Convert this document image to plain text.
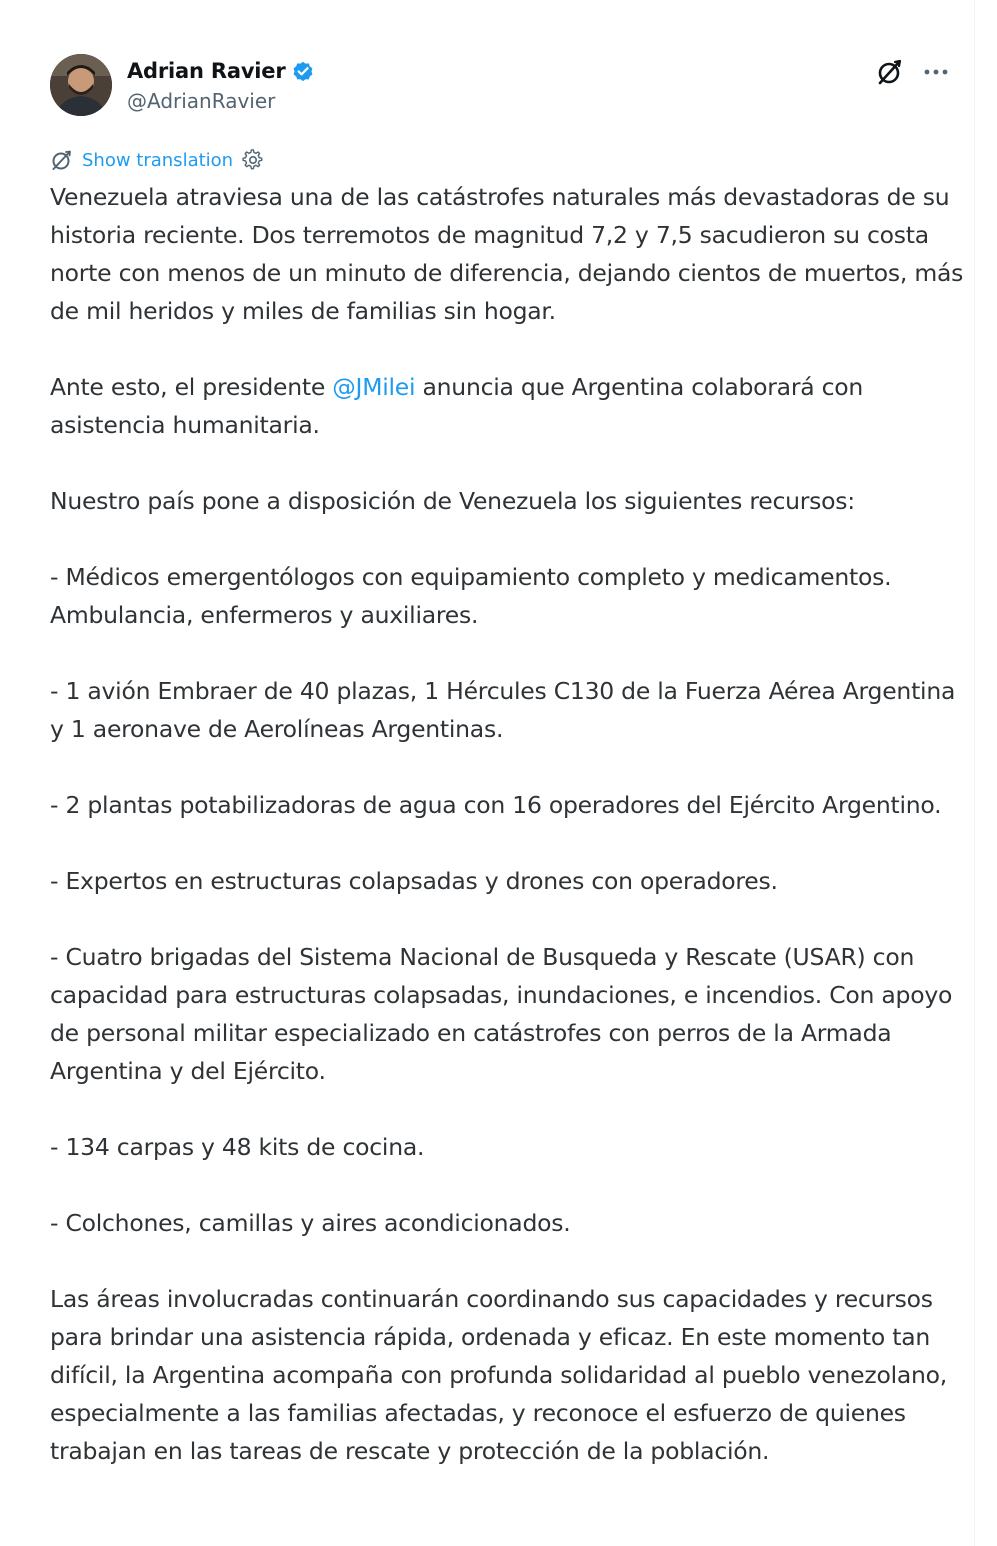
Adrian Ravier
@AdrianRavier
Show translation

Venezuela atraviesa una de las catástrofes naturales más devastadoras de su historia reciente. Dos terremotos de magnitud 7,2 y 7,5 sacudieron su costa norte con menos de un minuto de diferencia, dejando cientos de muertos, más de mil heridos y miles de familias sin hogar.

Ante esto, el presidente @JMilei anuncia que Argentina colaborará con asistencia humanitaria.

Nuestro país pone a disposición de Venezuela los siguientes recursos:

- Médicos emergentólogos con equipamiento completo y medicamentos. Ambulancia, enfermeros y auxiliares.

- 1 avión Embraer de 40 plazas, 1 Hércules C130 de la Fuerza Aérea Argentina y 1 aeronave de Aerolíneas Argentinas.

- 2 plantas potabilizadoras de agua con 16 operadores del Ejército Argentino.

- Expertos en estructuras colapsadas y drones con operadores.

- Cuatro brigadas del Sistema Nacional de Busqueda y Rescate (USAR) con capacidad para estructuras colapsadas, inundaciones, e incendios. Con apoyo de personal militar especializado en catástrofes con perros de la Armada Argentina y del Ejército.

- 134 carpas y 48 kits de cocina.

- Colchones, camillas y aires acondicionados.

Las áreas involucradas continuarán coordinando sus capacidades y recursos para brindar una asistencia rápida, ordenada y eficaz. En este momento tan difícil, la Argentina acompaña con profunda solidaridad al pueblo venezolano, especialmente a las familias afectadas, y reconoce el esfuerzo de quienes trabajan en las tareas de rescate y protección de la población.
